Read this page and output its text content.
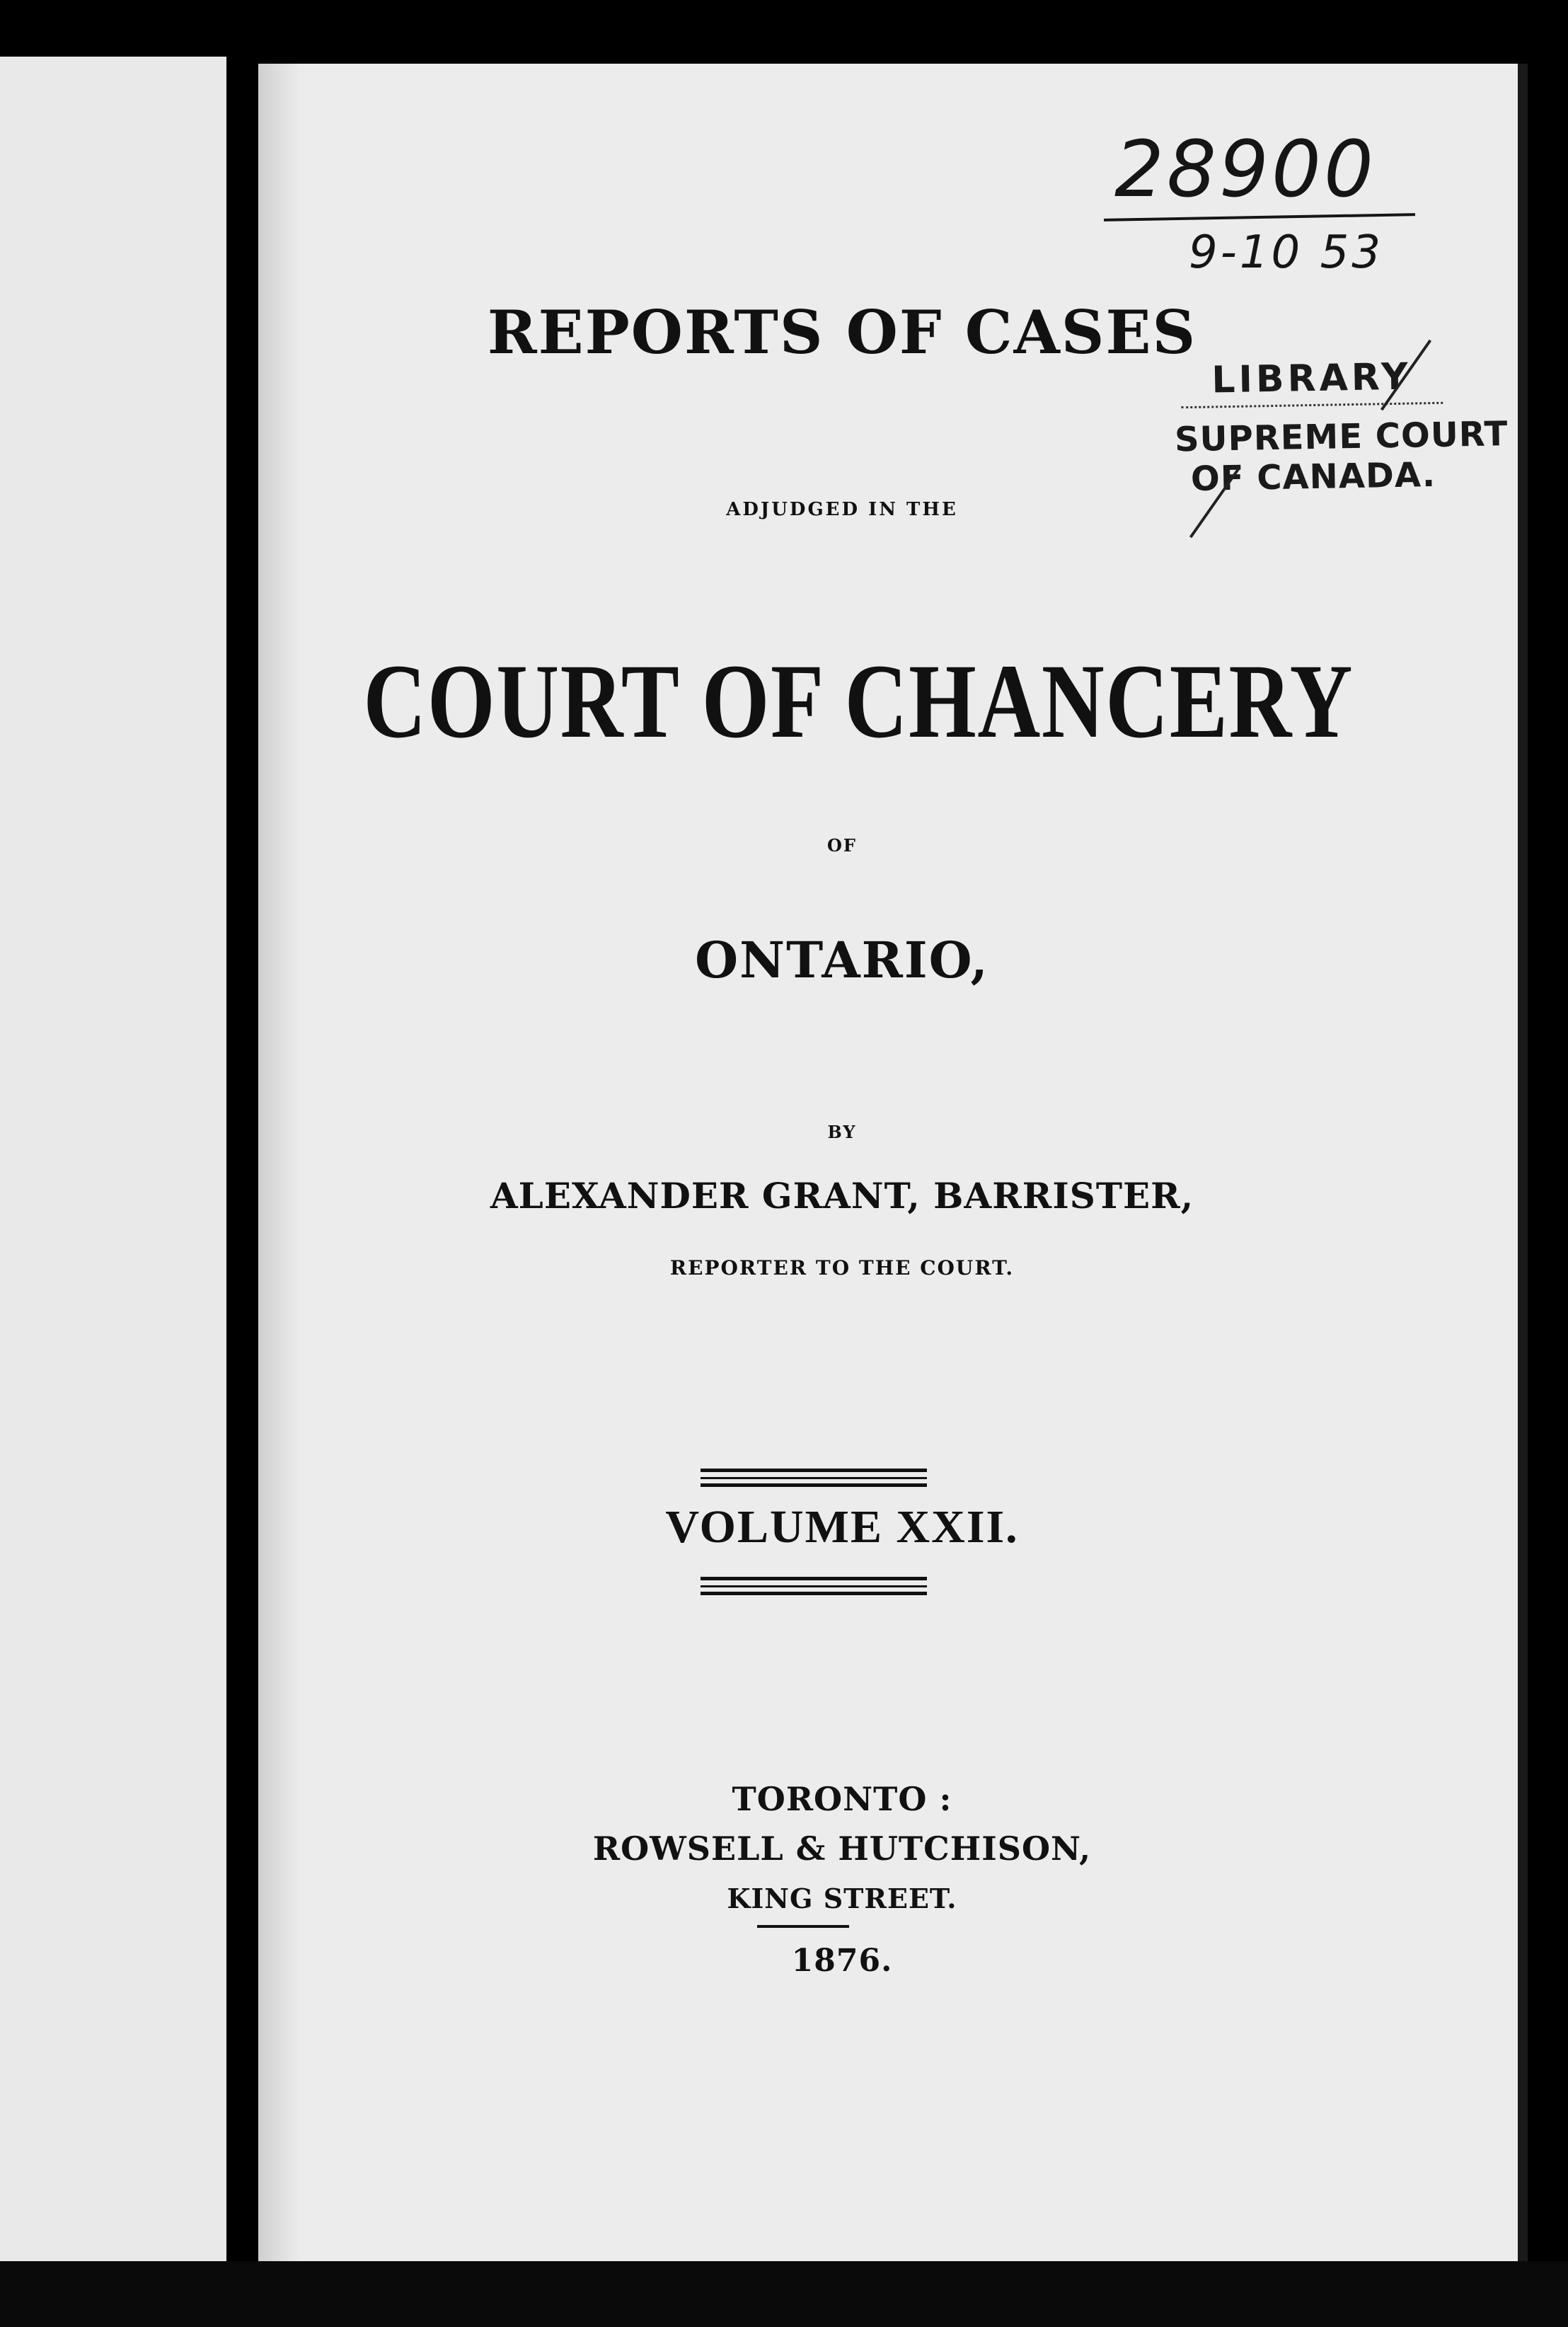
28900
9-10 53
LIBRARY
SUPREME COURT
OF CANADA.
REPORTS OF CASES
ADJUDGED IN THE
COURT OF CHANCERY
OF
ONTARIO,
BY
ALEXANDER GRANT, BARRISTER,
REPORTER TO THE COURT.
VOLUME XXII.
TORONTO :
ROWSELL & HUTCHISON,
KING STREET.
1876.
